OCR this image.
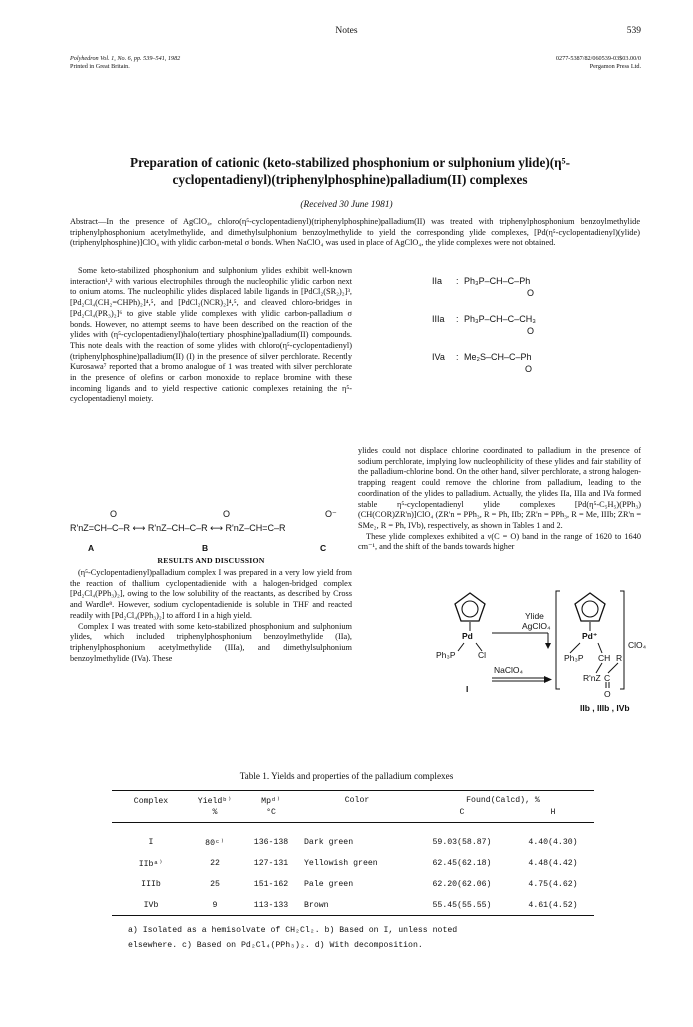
Notes	539
Polyhedron Vol. 1, No. 6, pp. 539–541, 1982
Printed in Great Britain.
0277-5387/82/060539-03$03.00/0
Pergamon Press Ltd.
Preparation of cationic (keto-stabilized phosphonium or sulphonium ylide)(η⁵-
cyclopentadienyl)(triphenylphosphine)palladium(II) complexes
(Received 30 June 1981)
Abstract—In the presence of AgClO₄, chloro(η⁵-cyclopentadienyl)(triphenylphosphine)palladium(II) was treated with triphenylphosphonium benzoylmethylide triphenylphosphonium acetylmethylide, and dimethylsulphonium benzoylmethylide to yield the corresponding ylide complexes, [Pd(η⁵-cyclopentadienyl)(ylide)(triphenylphosphine)]ClO₄ with ylidic carbon-metal σ bonds. When NaClO₄ was used in place of AgClO₄, the ylide complexes were not obtained.

Some keto-stabilized phosphonium and sulphonium ylides exhibit well-known interaction¹,² with various electrophiles through the nucleophilic ylidic carbon next to onium atoms. The nucleophilic ylides displaced labile ligands in [PdCl₂(SR₂)₂]³, [Pd₂Cl₄(CH₂=CHPh)₂]⁴,⁵, and [PdCl₂(NCR)₂]⁴,⁵, and cleaved chloro-bridges in [Pd₂Cl₄(PR₃)₂]⁶ to give stable ylide complexes with ylidic carbon-palladium σ bonds. However, no attempt seems to have been described on the reaction of the ylides with (η⁵-cyclopentadienyl)halo(tertiary phosphine)palladium(II) compounds. This note deals with the reaction of some ylides with chloro(η⁵-cyclopentadienyl)(triphenylphosphine)palladium(II) (I) in the presence of silver perchlorate. Recently Kurosawa⁷ reported that a bromo analogue of 1 was treated with silver perchlorate in the presence of olefins or carbon monoxide to replace bromine with these incoming ligands and to yield respective cationic complexes retaining the η⁵-cyclopentadienyl moiety.

O	O	O⁻
R'nZ=CH–C–R ⟷ R'nZ–CH–C–R ⟷ R'nZ–CH=C–R
A	B	C
RESULTS AND DISCUSSION

(η⁵-Cyclopentadienyl)palladium complex I was prepared in a very low yield from the reaction of thallium cyclopentadienide with a halogen-bridged complex [Pd₂Cl₄(PPh₃)₂], owing to the low solubility of the reactants, as described by Cross and Wardle⁸. However, sodium cyclopentadienide is soluble in THF and reacted readily with [Pd₂Cl₄(PPh₃)₂] to afford I in a high yield.

Complex I was treated with some keto-stabilized phosphonium and sulphonium ylides, which included triphenylphosphonium benzoylmethylide (IIa), triphenylphosphonium acetylmethylide (IIIa), and dimethylsulphonium benzoylmethylide (IVa). These

IIa : Ph₃P–CH–C–Ph
O
IIIa : Ph₃P–CH–C–CH₃
O
IVa : Me₂S–CH–C–Ph
O

ylides could not displace chlorine coordinated to palladium in the presence of sodium perchlorate, implying low nucleophilicity of these ylides and fair stability of the palladium-chlorine bond. On the other hand, silver perchlorate, a strong halogen-trapping reagent could remove the chlorine from palladium, leading to the coordination of the ylides to palladium. Actually, the ylides IIa, IIIa and IVa formed stable η⁵-cyclopentadienyl ylide complexes [Pd(η⁵-C₅H₅)(PPh₃)(CH(COR)ZR'n)]ClO₄ (ZR'n = PPh₃, R = Ph, IIb; ZR'n = PPh₃, R = Me, IIIb; ZR'n = SMe₂, R = Ph, IVb), respectively, as shown in Tables 1 and 2.

These ylide complexes exhibited a ν(C = O) band in the range of 1620 to 1640 cm⁻¹, and the shift of the bands towards higher

Ylide
AgClO₄
Pd
Ph₃P	Cl
NaClO₄
I
Pd⁺
Ph₃P CH R
R'nZ C
O
ClO₄
IIb , IIIb , IVb
Table 1. Yields and properties of the palladium complexes
Complex	Yieldᵇ⁾	Mpᵈ⁾	Color	Found(Calcd), %	
	%	°C		C	H
I	80ᶜ⁾	136-138	Dark green	59.03(58.87)	4.40(4.30)
IIbᵃ⁾	22	127-131	Yellowish green	62.45(62.18)	4.48(4.42)
IIIb	25	151-162	Pale green	62.20(62.06)	4.75(4.62)
IVb	9	113-133	Brown	55.45(55.55)	4.61(4.52)
a) Isolated as a hemisolvate of CH₂Cl₂. b) Based on I, unless noted
elsewhere. c) Based on Pd₂Cl₄(PPh₃)₂. d) With decomposition.
